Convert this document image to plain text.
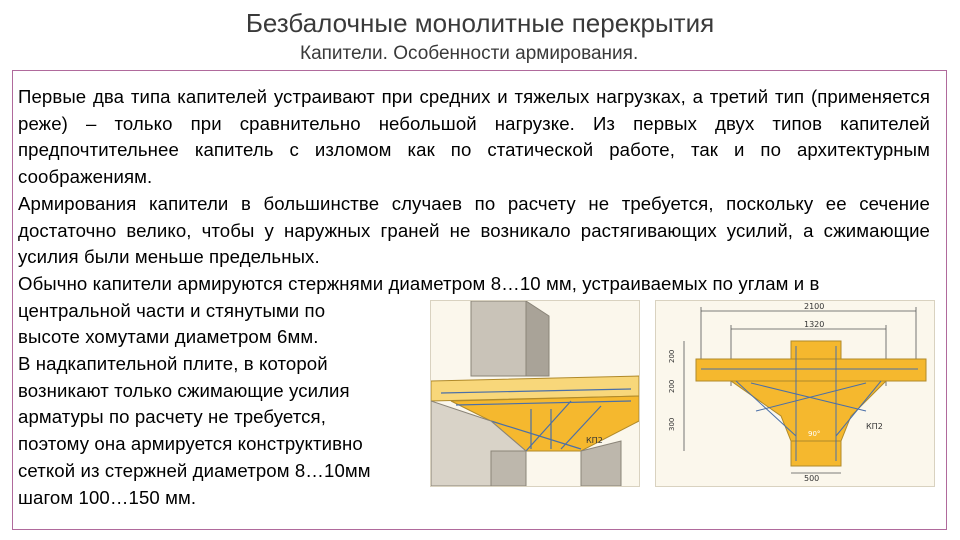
Безбалочные монолитные перекрытия
Капители. Особенности армирования.

Первые два типа капителей устраивают при средних и тяжелых нагрузках, а третий тип (применяется реже) – только при сравнительно небольшой нагрузке. Из первых двух типов капителей предпочтительнее капитель с изломом как по статической работе, так и по архитектурным соображениям.

Армирования капители в большинстве случаев по расчету не требуется, поскольку ее сечение достаточно велико, чтобы у наружных граней не возникало растягивающих усилий, а сжимающие усилия были меньше предельных.

Обычно капители армируются стержнями диаметром 8…10 мм, устраиваемых по углам и в центральной части и стянутыми по

высоте хомутами диаметром 6мм.

В надкапительной плите, в которой

возникают только сжимающие усилия

арматуры по расчету не требуется,

поэтому она армируется конструктивно

сеткой из стержней диаметром 8…10мм

шагом 100…150 мм.

КП2
2100
1320
200
200
300
500
90°
КП2
